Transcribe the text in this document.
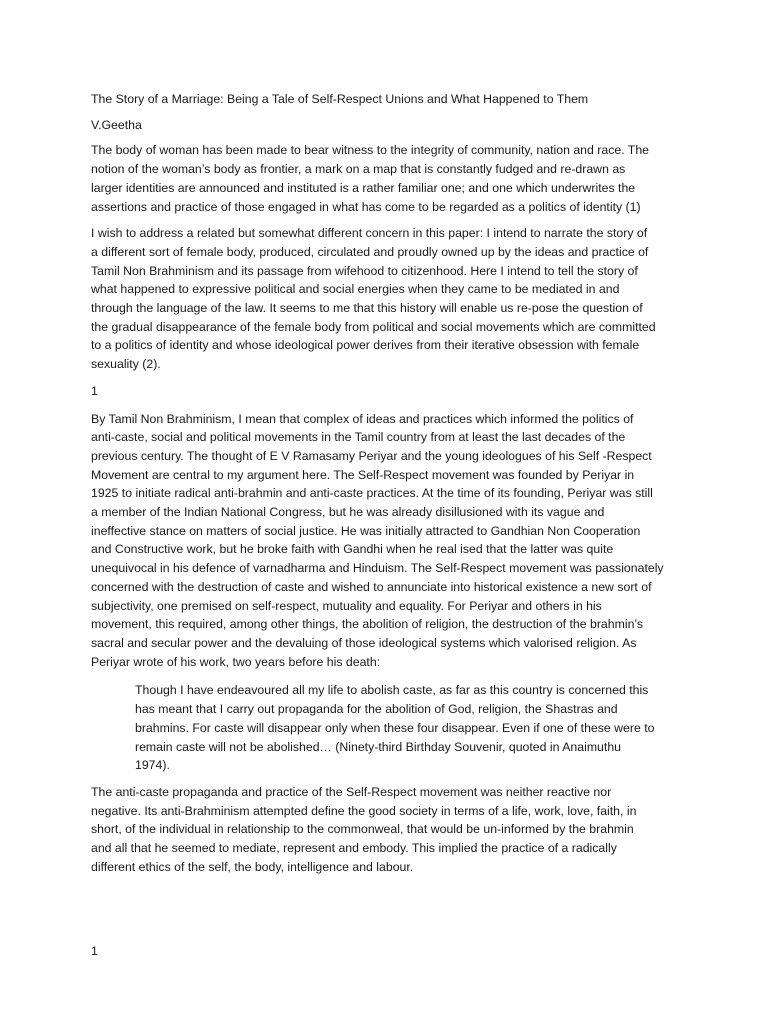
The Story of a Marriage: Being a Tale of Self-Respect Unions and What Happened to Them

V.Geetha

The body of woman has been made to bear witness to the integrity of community, nation and race. The
notion of the woman’s body as frontier, a mark on a map that is constantly fudged and re-drawn as
larger identities are announced and instituted is a rather familiar one; and one which underwrites the
assertions and practice of those engaged in what has come to be regarded as a politics of identity (1)

I wish to address a related but somewhat different concern in this paper: I intend to narrate the story of
a different sort of female body, produced, circulated and proudly owned up by the ideas and practice of
Tamil Non Brahminism and its passage from wifehood to citizenhood. Here I intend to tell the story of
what happened to expressive political and social energies when they came to be mediated in and
through the language of the law. It seems to me that this history will enable us re-pose the question of
the gradual disappearance of the female body from political and social movements which are committed
to a politics of identity and whose ideological power derives from their iterative obsession with female
sexuality (2).

1

By Tamil Non Brahminism, I mean that complex of ideas and practices which informed the politics of
anti-caste, social and political movements in the Tamil country from at least the last decades of the
previous century. The thought of E V Ramasamy Periyar and the young ideologues of his Self -Respect
Movement are central to my argument here. The Self-Respect movement was founded by Periyar in
1925 to initiate radical anti-brahmin and anti-caste practices. At the time of its founding, Periyar was still
a member of the Indian National Congress, but he was already disillusioned with its vague and
ineffective stance on matters of social justice. He was initially attracted to Gandhian Non Cooperation
and Constructive work, but he broke faith with Gandhi when he real ised that the latter was quite
unequivocal in his defence of varnadharma and Hinduism. The Self-Respect movement was passionately
concerned with the destruction of caste and wished to annunciate into historical existence a new sort of
subjectivity, one premised on self-respect, mutuality and equality. For Periyar and others in his
movement, this required, among other things, the abolition of religion, the destruction of the brahmin’s
sacral and secular power and the devaluing of those ideological systems which valorised religion. As
Periyar wrote of his work, two years before his death:

Though I have endeavoured all my life to abolish caste, as far as this country is concerned this
has meant that I carry out propaganda for the abolition of God, religion, the Shastras and
brahmins. For caste will disappear only when these four disappear. Even if one of these were to
remain caste will not be abolished… (Ninety-third Birthday Souvenir, quoted in Anaimuthu
1974).

The anti-caste propaganda and practice of the Self-Respect movement was neither reactive nor
negative. Its anti-Brahminism attempted define the good society in terms of a life, work, love, faith, in
short, of the individual in relationship to the commonweal, that would be un-informed by the brahmin
and all that he seemed to mediate, represent and embody. This implied the practice of a radically
different ethics of the self, the body, intelligence and labour.

1
